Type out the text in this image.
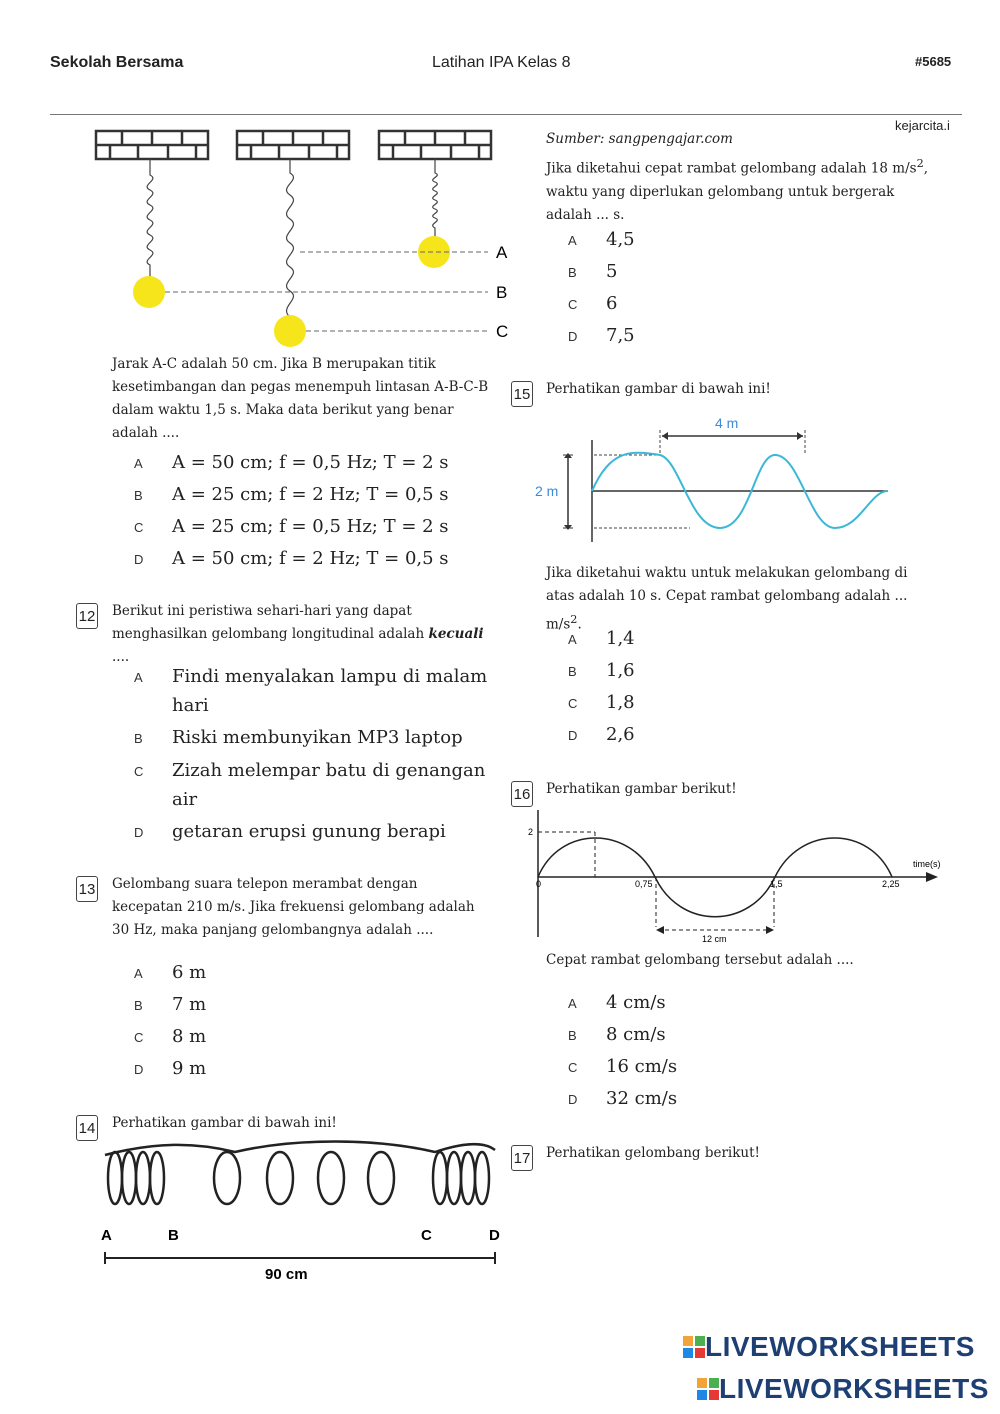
Sekolah Bersama	Latihan IPA Kelas 8	#5685
kejarcita.i
A
B
C
Jarak A-C adalah 50 cm. Jika B merupakan titik kesetimbangan dan pegas menempuh lintasan A-B-C-B dalam waktu 1,5 s. Maka data berikut yang benar adalah ....
A	A = 50 cm; f = 0,5 Hz; T = 2 s
B	A = 25 cm; f = 2 Hz; T = 0,5 s
C	A = 25 cm; f = 0,5 Hz; T = 2 s
D	A = 50 cm; f = 2 Hz; T = 0,5 s
12 Berikut ini peristiwa sehari-hari yang dapat menghasilkan gelombang longitudinal adalah kecuali ....
A	Findi menyalakan lampu di malam
hari
B	Riski membunyikan MP3 laptop
C	Zizah melempar batu di genangan
air
D	getaran erupsi gunung berapi
13 Gelombang suara telepon merambat dengan kecepatan 210 m/s. Jika frekuensi gelombang adalah 30 Hz, maka panjang gelombangnya adalah ....
A	6 m
B	7 m
C	8 m
D	9 m
14 Perhatikan gambar di bawah ini!
A	B	C	D
90 cm
Sumber: sangpengajar.com
Jika diketahui cepat rambat gelombang adalah 18 $m/s^2$, waktu yang diperlukan gelombang untuk bergerak adalah ... s.
A	4,5
B	5
C	6
D	7,5
15 Perhatikan gambar di bawah ini!
2 m
4 m
Jika diketahui waktu untuk melakukan gelombang di atas adalah 10 s. Cepat rambat gelombang adalah ... $m/s^2$.
A	1,4
B	1,6
C	1,8
D	2,6
16 Perhatikan gambar berikut!
time(s)
2
0	0,75	1,5	2,25
12 cm
Cepat rambat gelombang tersebut adalah ....
A	4 cm/s
B	8 cm/s
C	16 cm/s
D	32 cm/s
17 Perhatikan gelombang berikut!
LIVEWORKSHEETS
LIVEWORKSHEETS
